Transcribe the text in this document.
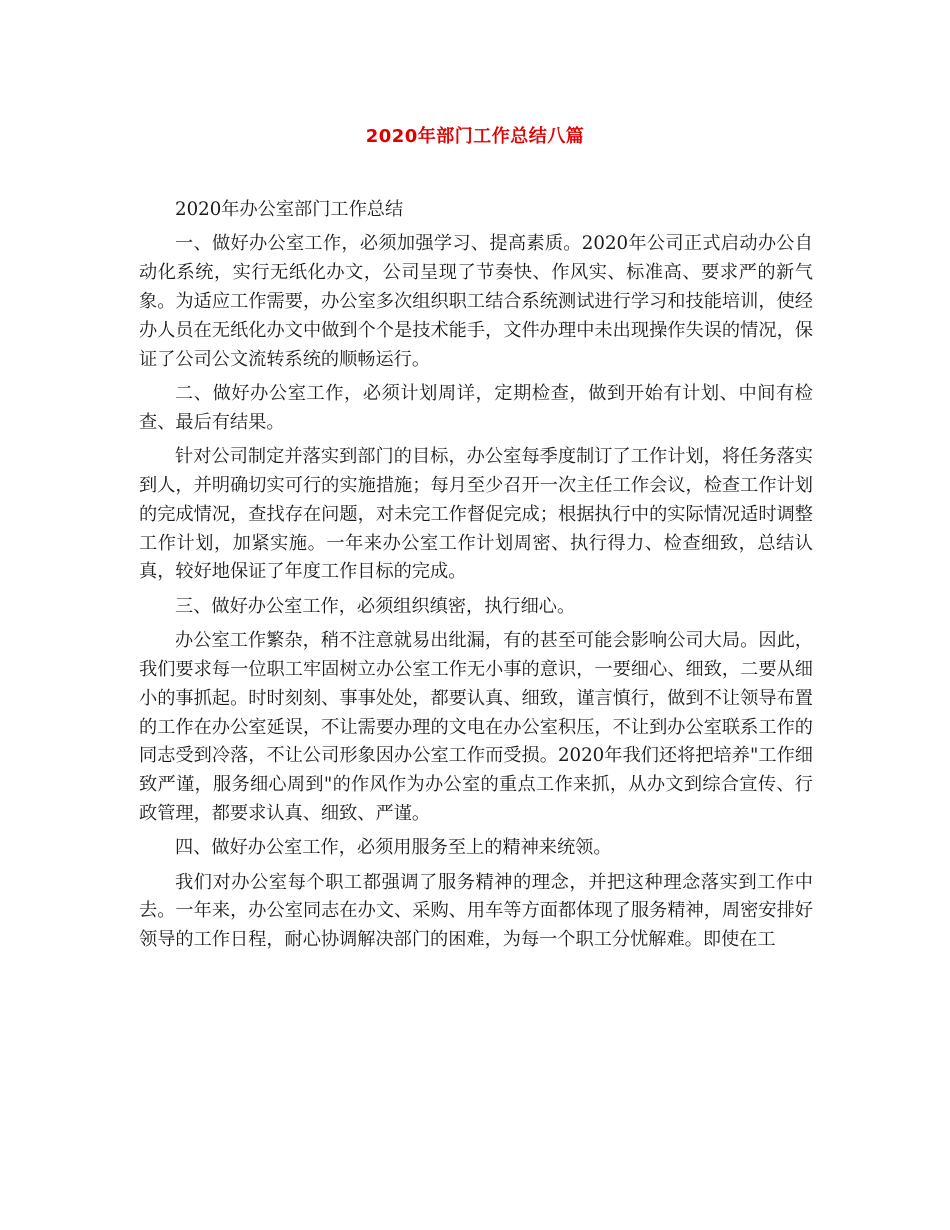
2020年部门工作总结八篇

2020年办公室部门工作总结

一、做好办公室工作，必须加强学习、提高素质。2020年公司正式启动办公自动化系统，实行无纸化办文，公司呈现了节奏快、作风实、标准高、要求严的新气象。为适应工作需要，办公室多次组织职工结合系统测试进行学习和技能培训，使经办人员在无纸化办文中做到个个是技术能手，文件办理中未出现操作失误的情况，保证了公司公文流转系统的顺畅运行。

二、做好办公室工作，必须计划周详，定期检查，做到开始有计划、中间有检查、最后有结果。

针对公司制定并落实到部门的目标，办公室每季度制订了工作计划，将任务落实到人，并明确切实可行的实施措施；每月至少召开一次主任工作会议，检查工作计划的完成情况，查找存在问题，对未完工作督促完成；根据执行中的实际情况适时调整工作计划，加紧实施。一年来办公室工作计划周密、执行得力、检查细致，总结认真，较好地保证了年度工作目标的完成。

三、做好办公室工作，必须组织缜密，执行细心。

办公室工作繁杂，稍不注意就易出纰漏，有的甚至可能会影响公司大局。因此，我们要求每一位职工牢固树立办公室工作无小事的意识，一要细心、细致，二要从细小的事抓起。时时刻刻、事事处处，都要认真、细致，谨言慎行，做到不让领导布置的工作在办公室延误，不让需要办理的文电在办公室积压，不让到办公室联系工作的同志受到冷落，不让公司形象因办公室工作而受损。2020年我们还将把培养"工作细致严谨，服务细心周到"的作风作为办公室的重点工作来抓，从办文到综合宣传、行政管理，都要求认真、细致、严谨。

四、做好办公室工作，必须用服务至上的精神来统领。

我们对办公室每个职工都强调了服务精神的理念，并把这种理念落实到工作中去。一年来，办公室同志在办文、采购、用车等方面都体现了服务精神，周密安排好领导的工作日程，耐心协调解决部门的困难，为每一个职工分忧解难。即使在工
